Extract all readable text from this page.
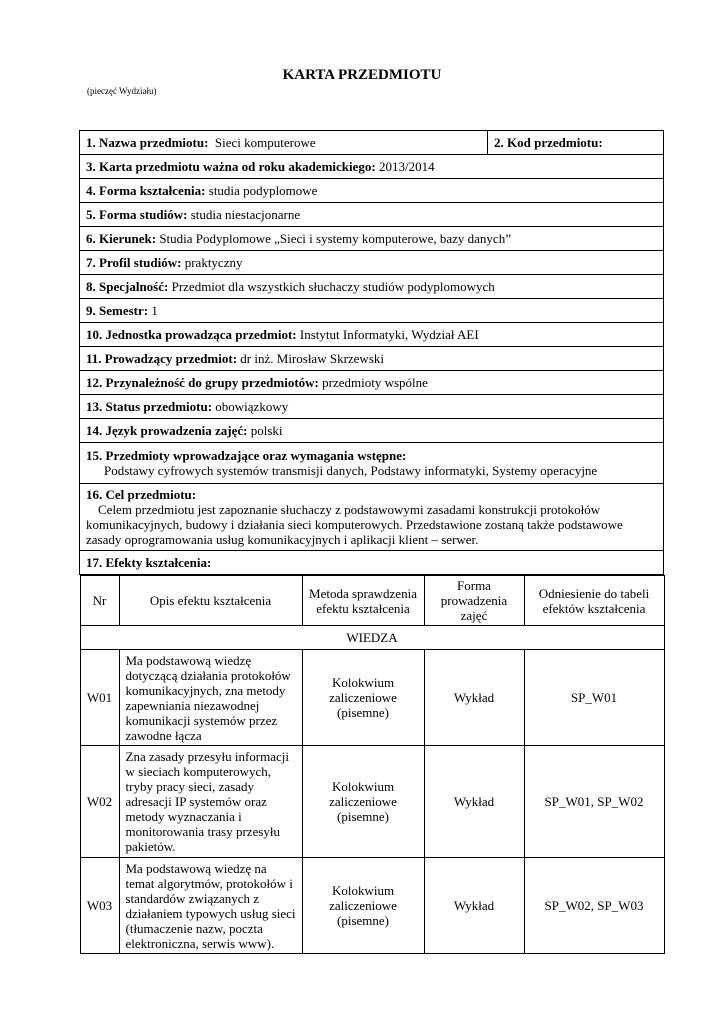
KARTA PRZEDMIOTU
(pieczęć Wydziału)
1. Nazwa przedmiotu: Sieci komputerowe	2. Kod przedmiotu:
3. Karta przedmiotu ważna od roku akademickiego: 2013/2014
4. Forma kształcenia: studia podyplomowe
5. Forma studiów: studia niestacjonarne
6. Kierunek: Studia Podyplomowe „Sieci i systemy komputerowe, bazy danych”
7. Profil studiów: praktyczny
8. Specjalność: Przedmiot dla wszystkich słuchaczy studiów podyplomowych
9. Semestr: 1
10. Jednostka prowadząca przedmiot: Instytut Informatyki, Wydział AEI
11. Prowadzący przedmiot: dr inż. Mirosław Skrzewski
12. Przynależność do grupy przedmiotów: przedmioty wspólne
13. Status przedmiotu: obowiązkowy
14. Język prowadzenia zajęć: polski

15. Przedmioty wprowadzające oraz wymagania wstępne:
Podstawy cyfrowych systemów transmisji danych, Podstawy informatyki, Systemy operacyjne

16. Cel przedmiotu:
Celem przedmiotu jest zapoznanie słuchaczy z podstawowymi zasadami konstrukcji protokołów komunikacyjnych, budowy i działania sieci komputerowych. Przedstawione zostaną także podstawowe zasady oprogramowania usług komunikacyjnych i aplikacji klient – serwer.

17. Efekty kształcenia:

Nr	Opis efektu kształcenia	Metoda sprawdzenia efektu kształcenia	Forma prowadzenia zajęć	Odniesienie do tabeli efektów kształcenia
WIEDZA
W01	Ma podstawową wiedzę dotyczącą działania protokołów komunikacyjnych, zna metody zapewniania niezawodnej komunikacji systemów przez zawodne łącza	Kolokwium zaliczeniowe (pisemne)	Wykład	SP_W01
W02	Zna zasady przesyłu informacji w sieciach komputerowych, tryby pracy sieci, zasady adresacji IP systemów oraz metody wyznaczania i monitorowania trasy przesyłu pakietów.	Kolokwium zaliczeniowe (pisemne)	Wykład	SP_W01, SP_W02
W03	Ma podstawową wiedzę na temat algorytmów, protokołów i standardów związanych z działaniem typowych usług sieci (tłumaczenie nazw, poczta elektroniczna, serwis www).	Kolokwium zaliczeniowe (pisemne)	Wykład	SP_W02, SP_W03
